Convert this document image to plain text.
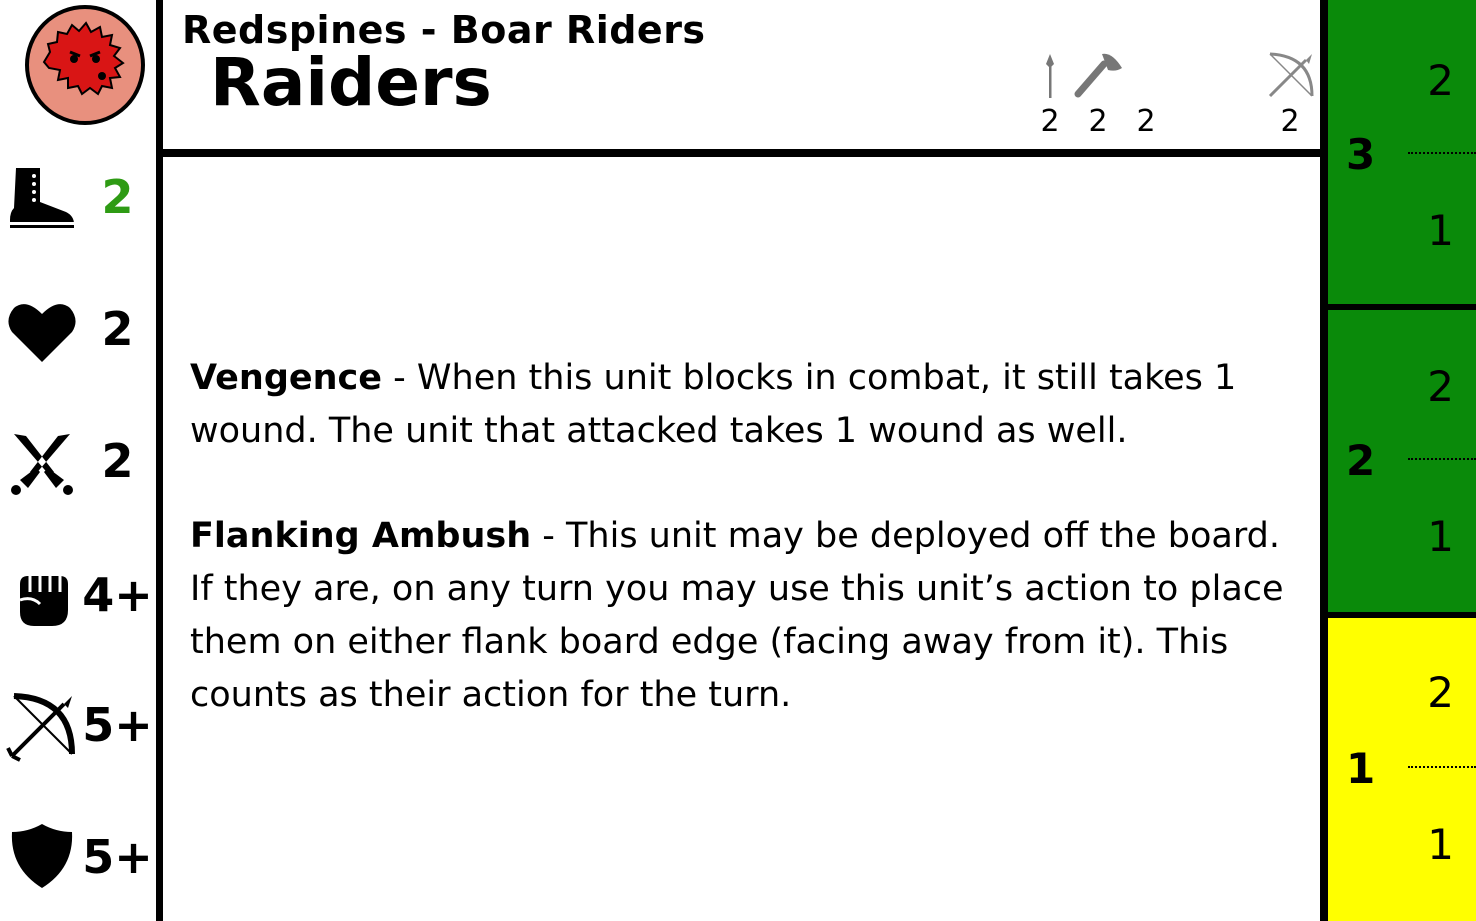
2
2
2
4+
5+
5+
Redspines - Boar Riders
Raiders
2 2 2	2

Vengence - When this unit blocks in combat, it still takes 1 wound. The unit that attacked takes 1 wound as well.

Flanking Ambush - This unit may be deployed off the board. If they are, on any turn you may use this unit’s action to place them on either flank board edge (facing away from it). This counts as their action for the turn.

2
3
1
2
2
1
2
1
1
